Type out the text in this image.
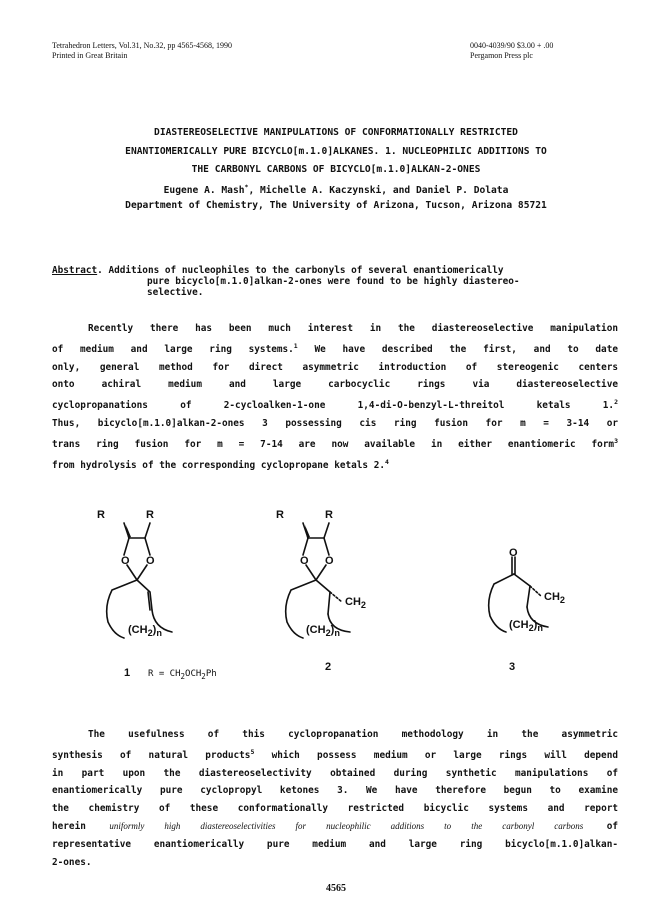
Tetrahedron Letters, Vol.31, No.32, pp 4565-4568, 1990
Printed in Great Britain
0040-4039/90 $3.00 + .00
Pergamon Press plc
DIASTEREOSELECTIVE MANIPULATIONS OF CONFORMATIONALLY RESTRICTED
ENANTIOMERICALLY PURE BICYCLO[m.1.0]ALKANES. 1. NUCLEOPHILIC ADDITIONS TO
THE CARBONYL CARBONS OF BICYCLO[m.1.0]ALKAN-2-ONES
Eugene A. Mash*, Michelle A. Kaczynski, and Daniel P. Dolata
Department of Chemistry, The University of Arizona, Tucson, Arizona 85721
Abstract. Additions of nucleophiles to the carbonyls of several enantiomerically
pure bicyclo[m.1.0]alkan-2-ones were found to be highly diastereo-
selective.
Recently there has been much interest in the diastereoselective manipulation
of medium and large ring systems.$^1$ We have described the first, and to date
only, general method for direct asymmetric introduction of stereogenic centers
onto achiral medium and large carbocyclic rings via diastereoselective
cyclopropanations of 2-cycloalken-1-one 1,4-di-O-benzyl-L-threitol ketals 1.$^2$
Thus, bicyclo[m.1.0]alkan-2-ones 3 possessing cis ring fusion for m = 3-14 or
trans ring fusion for m = 7-14 are now available in either enantiomeric form$^3$
from hydrolysis of the corresponding cyclopropane ketals 2.$^4$
R	R
O O
$(CH_2)_n$
R	R
O O
$CH_2$
$(CH_2)_n$
O
$CH_2$
$(CH_2)_n$
1	2	3
$R = CH_2OCH_2Ph$
The usefulness of this cyclopropanation methodology in the asymmetric
synthesis of natural products$^5$ which possess medium or large rings will depend
in part upon the diastereoselectivity obtained during synthetic manipulations of
enantiomerically pure cyclopropyl ketones 3. We have therefore begun to examine
the chemistry of these conformationally restricted bicyclic systems and report
herein	uniformly high diastereoselectivities for nucleophilic additions to the carbonyl carbons of
representative enantiomerically pure medium and large ring bicyclo[m.1.0]alkan-
2-ones.
4565
